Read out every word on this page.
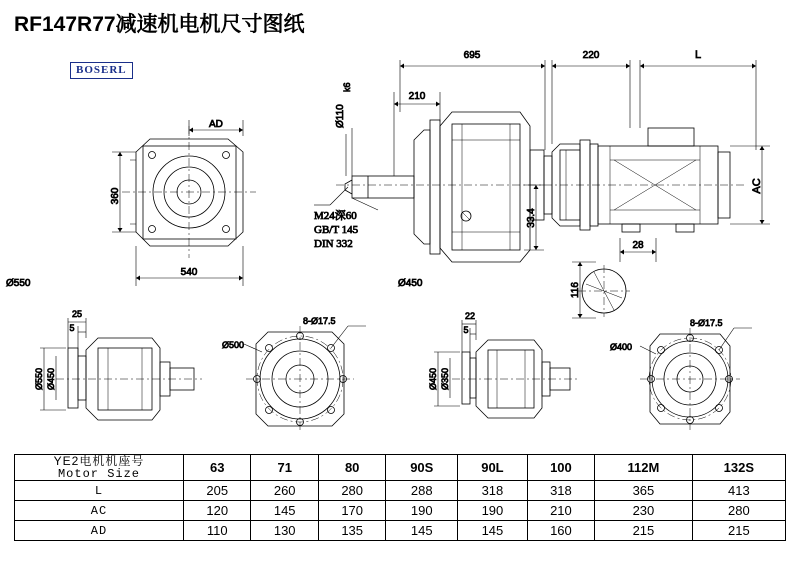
RF147R77减速机电机尺寸图纸
BOSERL
AD
360
540
695	220	L
210
Ø110
k6
M24深60
GB/T 145
DIN 332
33.4
AC
28
116
Ø550	Ø450
25
5
Ø550 Ø450
8-Ø17.5
Ø500
22
5
Ø450 Ø350
8-Ø17.5
Ø400
YE2电机机座号
Motor Size	63	71	80	90S	90L	100	112M	132S
L	205	260	280	288	318	318	365	413
AC	120	145	170	190	190	210	230	280
AD	110	130	135	145	145	160	215	215
